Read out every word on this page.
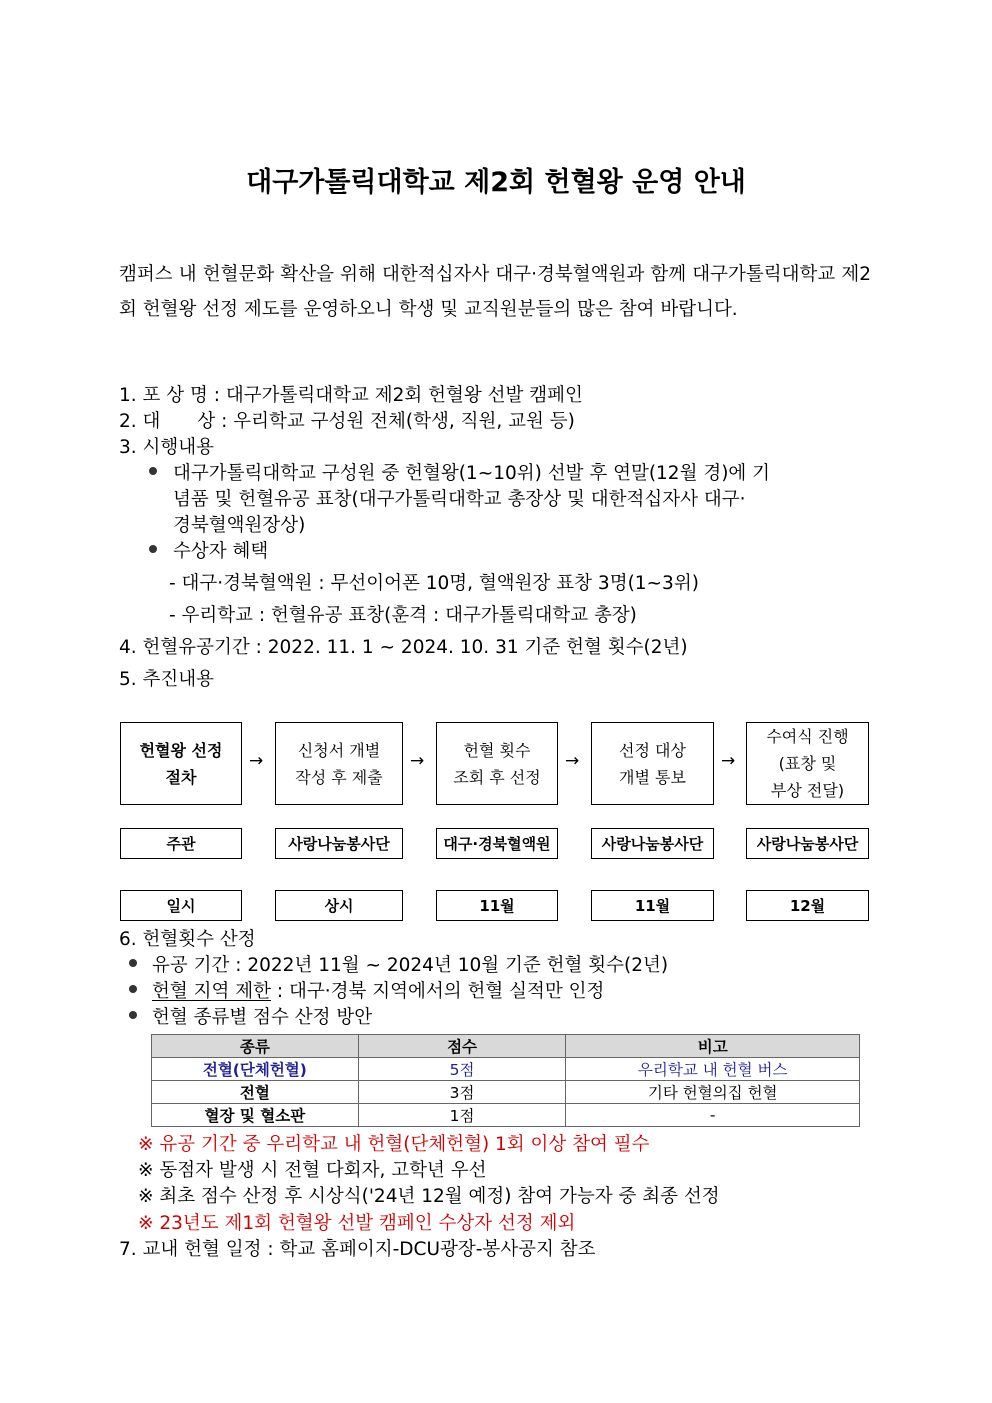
대구가톨릭대학교 제2회 헌혈왕 운영 안내
캠퍼스 내 헌혈문화 확산을 위해 대한적십자사 대구·경북혈액원과 함께 대구가톨릭대학교 제2회 헌혈왕 선정 제도를 운영하오니 학생 및 교직원분들의 많은 참여 바랍니다.
1. 포 상 명 : 대구가톨릭대학교 제2회 헌혈왕 선발 캠페인
2. 대　　상 : 우리학교 구성원 전체(학생, 직원, 교원 등)
3. 시행내용
대구가톨릭대학교 구성원 중 헌혈왕(1~10위) 선발 후 연말(12월 경)에 기
념품 및 헌혈유공 표창(대구가톨릭대학교 총장상 및 대한적십자사 대구·
경북혈액원장상)
수상자 혜택
- 대구·경북혈액원 : 무선이어폰 10명, 혈액원장 표창 3명(1~3위)
- 우리학교 : 헌혈유공 표창(훈격 : 대구가톨릭대학교 총장)
4. 헌혈유공기간 : 2022. 11. 1 ~ 2024. 10. 31 기준 헌혈 횟수(2년)
5. 추진내용
헌혈왕 선정
절차
→
신청서 개별
작성 후 제출
→
헌혈 횟수
조회 후 선정
→
선정 대상
개별 통보
→
수여식 진행
(표창 및
부상 전달)
주관	사랑나눔봉사단	대구·경북혈액원	사랑나눔봉사단	사랑나눔봉사단
일시	상시	11월	11월	12월
6. 헌혈횟수 산정
유공 기간 : 2022년 11월 ~ 2024년 10월 기준 헌혈 횟수(2년)
헌혈 지역 제한 : 대구·경북 지역에서의 헌혈 실적만 인정
헌혈 종류별 점수 산정 방안
종류	점수	비고
전혈(단체헌혈)	5점	우리학교 내 헌혈 버스
전혈	3점	기타 헌혈의집 헌혈
혈장 및 혈소판	1점	-
※ 유공 기간 중 우리학교 내 헌혈(단체헌혈) 1회 이상 참여 필수
※ 동점자 발생 시 전혈 다회자, 고학년 우선
※ 최초 점수 산정 후 시상식('24년 12월 예정) 참여 가능자 중 최종 선정
※ 23년도 제1회 헌혈왕 선발 캠페인 수상자 선정 제외
7. 교내 헌혈 일정 : 학교 홈페이지-DCU광장-봉사공지 참조
